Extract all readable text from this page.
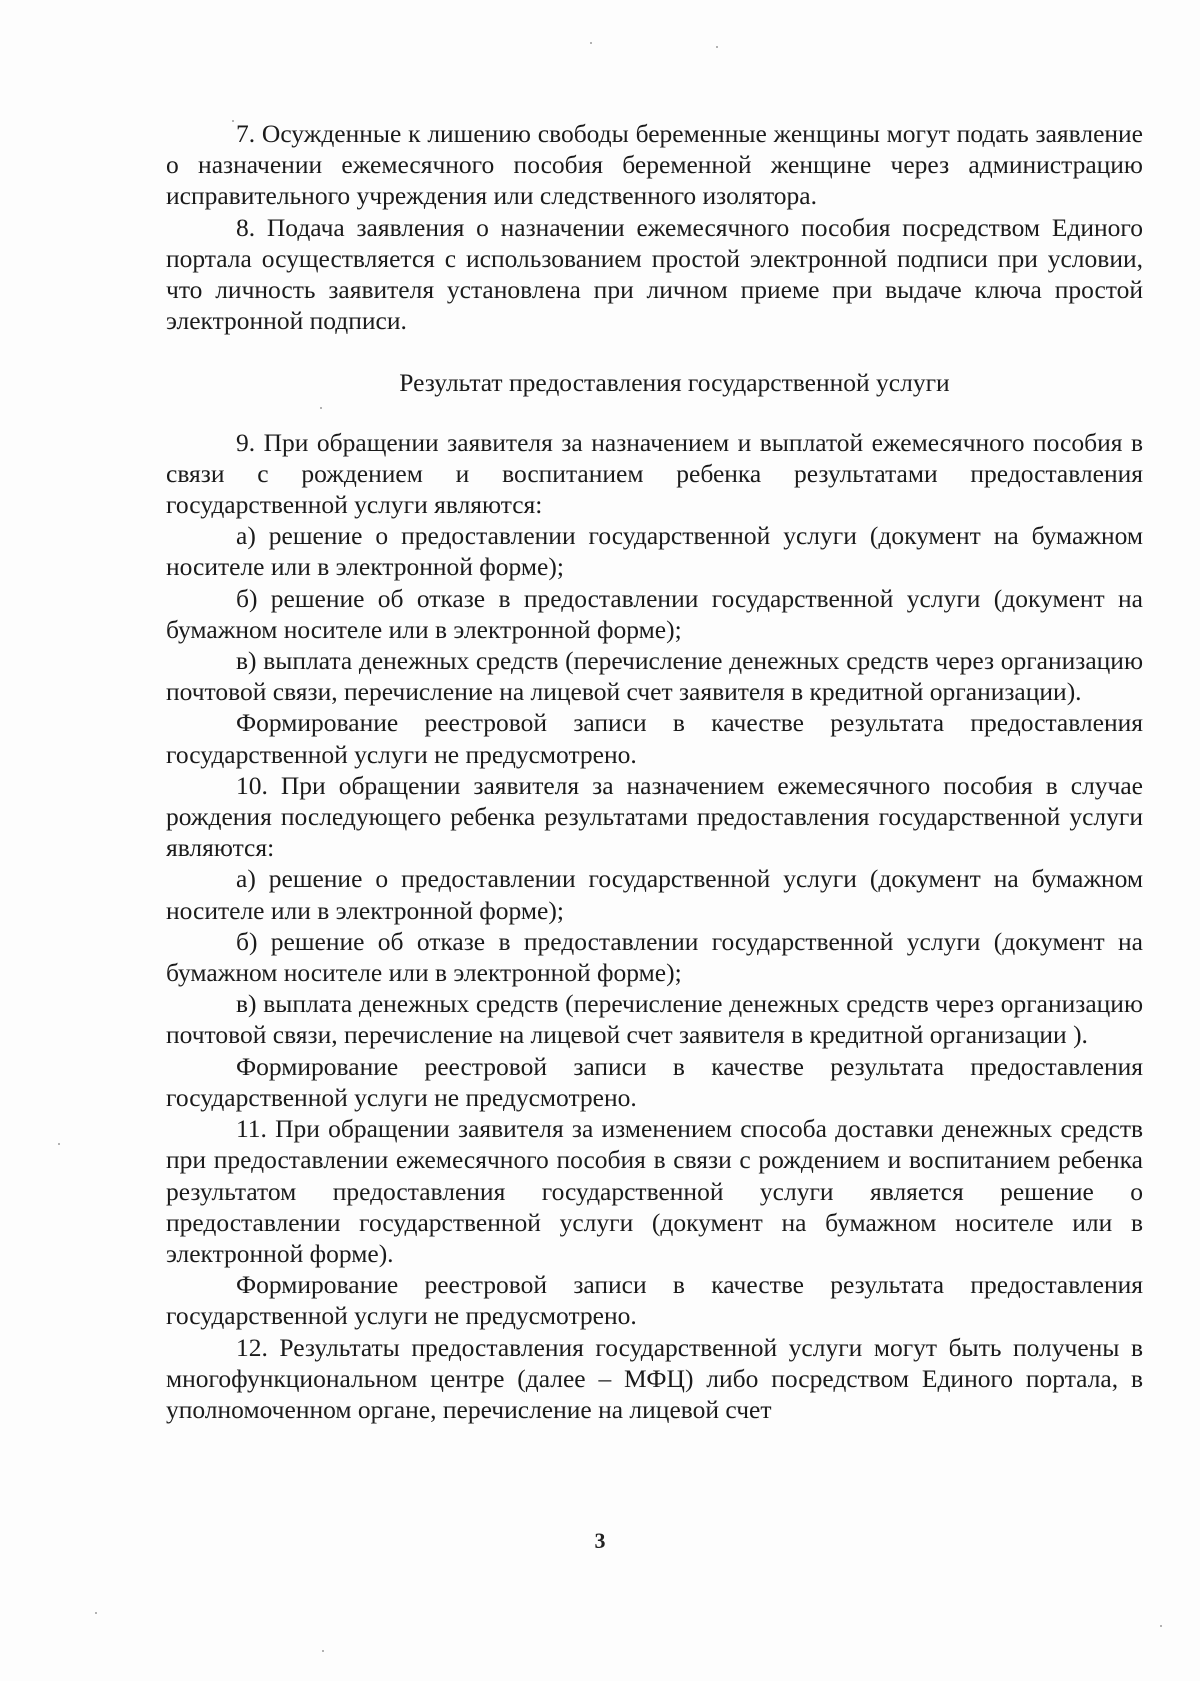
7. Осужденные к лишению свободы беременные женщины могут подать заявление о назначении ежемесячного пособия беременной женщине через администрацию исправительного учреждения или следственного изолятора.

8. Подача заявления о назначении ежемесячного пособия посредством Единого портала осуществляется с использованием простой электронной подписи при условии, что личность заявителя установлена при личном приеме при выдаче ключа простой электронной подписи.

Результат предоставления государственной услуги

9. При обращении заявителя за назначением и выплатой ежемесячного пособия в связи с рождением и воспитанием ребенка результатами предоставления государственной услуги являются:

а) решение о предоставлении государственной услуги (документ на бумажном носителе или в электронной форме);

б) решение об отказе в предоставлении государственной услуги (документ на бумажном носителе или в электронной форме);

в) выплата денежных средств (перечисление денежных средств через организацию почтовой связи, перечисление на лицевой счет заявителя в кредитной организации).

Формирование реестровой записи в качестве результата предоставления государственной услуги не предусмотрено.

10. При обращении заявителя за назначением ежемесячного пособия в случае рождения последующего ребенка результатами предоставления государственной услуги являются:

а) решение о предоставлении государственной услуги (документ на бумажном носителе или в электронной форме);

б) решение об отказе в предоставлении государственной услуги (документ на бумажном носителе или в электронной форме);

в) выплата денежных средств (перечисление денежных средств через организацию почтовой связи, перечисление на лицевой счет заявителя в кредитной организации ).

Формирование реестровой записи в качестве результата предоставления государственной услуги не предусмотрено.

11. При обращении заявителя за изменением способа доставки денежных средств при предоставлении ежемесячного пособия в связи с рождением и воспитанием ребенка результатом предоставления государственной услуги является решение о предоставлении государственной услуги (документ на бумажном носителе или в электронной форме).

Формирование реестровой записи в качестве результата предоставления государственной услуги не предусмотрено.

12. Результаты предоставления государственной услуги могут быть получены в многофункциональном центре (далее – МФЦ) либо посредством Единого портала, в уполномоченном органе, перечисление на лицевой счет

3
